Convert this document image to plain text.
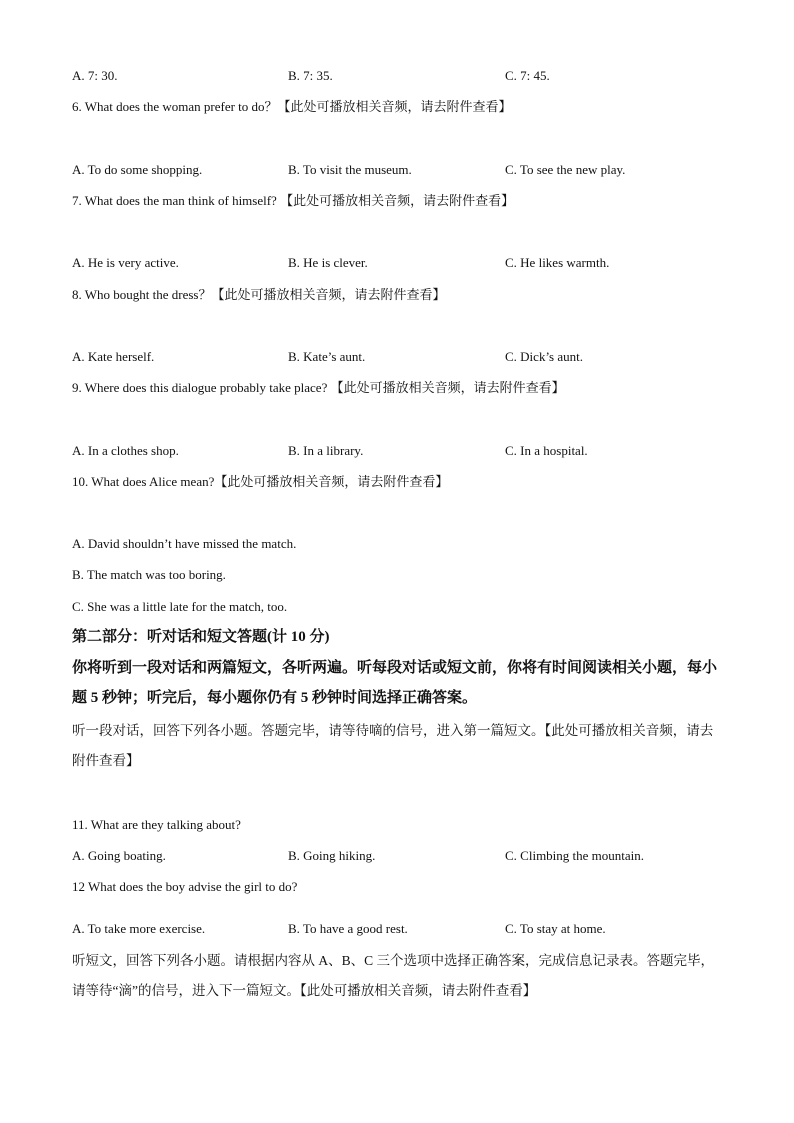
A. 7: 30.	B. 7: 35.	C. 7: 45.
6. What does the woman prefer to do？【此处可播放相关音频，请去附件查看】
A. To do some shopping.	B. To visit the museum.	C. To see the new play.
7. What does the man think of himself? 【此处可播放相关音频，请去附件查看】
A. He is very active.	B. He is clever.	C. He likes warmth.
8. Who bought the dress？【此处可播放相关音频，请去附件查看】
A. Kate herself.	B. Kate’s aunt.	C. Dick’s aunt.
9. Where does this dialogue probably take place? 【此处可播放相关音频，请去附件查看】
A. In a clothes shop.	B. In a library.	C. In a hospital.
10. What does Alice mean?【此处可播放相关音频，请去附件查看】
A. David shouldn’t have missed the match.
B. The match was too boring.
C. She was a little late for the match, too.
第二部分：听对话和短文答题(计 10 分)
你将听到一段对话和两篇短文，各听两遍。听每段对话或短文前，你将有时间阅读相关小题，每小题 5 秒钟；听完后，每小题你仍有 5 秒钟时间选择正确答案。
听一段对话，回答下列各小题。答题完毕，请等待嘀的信号，进入第一篇短文。【此处可播放相关音频，请去附件查看】
11. What are they talking about?
A. Going boating.	B. Going hiking.	C. Climbing the mountain.
12 What does the boy advise the girl to do?
A. To take more exercise.	B. To have a good rest.	C. To stay at home.
听短文，回答下列各小题。请根据内容从 A、B、C 三个选项中选择正确答案，完成信息记录表。答题完毕，请等待“滴”的信号，进入下一篇短文。【此处可播放相关音频，请去附件查看】
